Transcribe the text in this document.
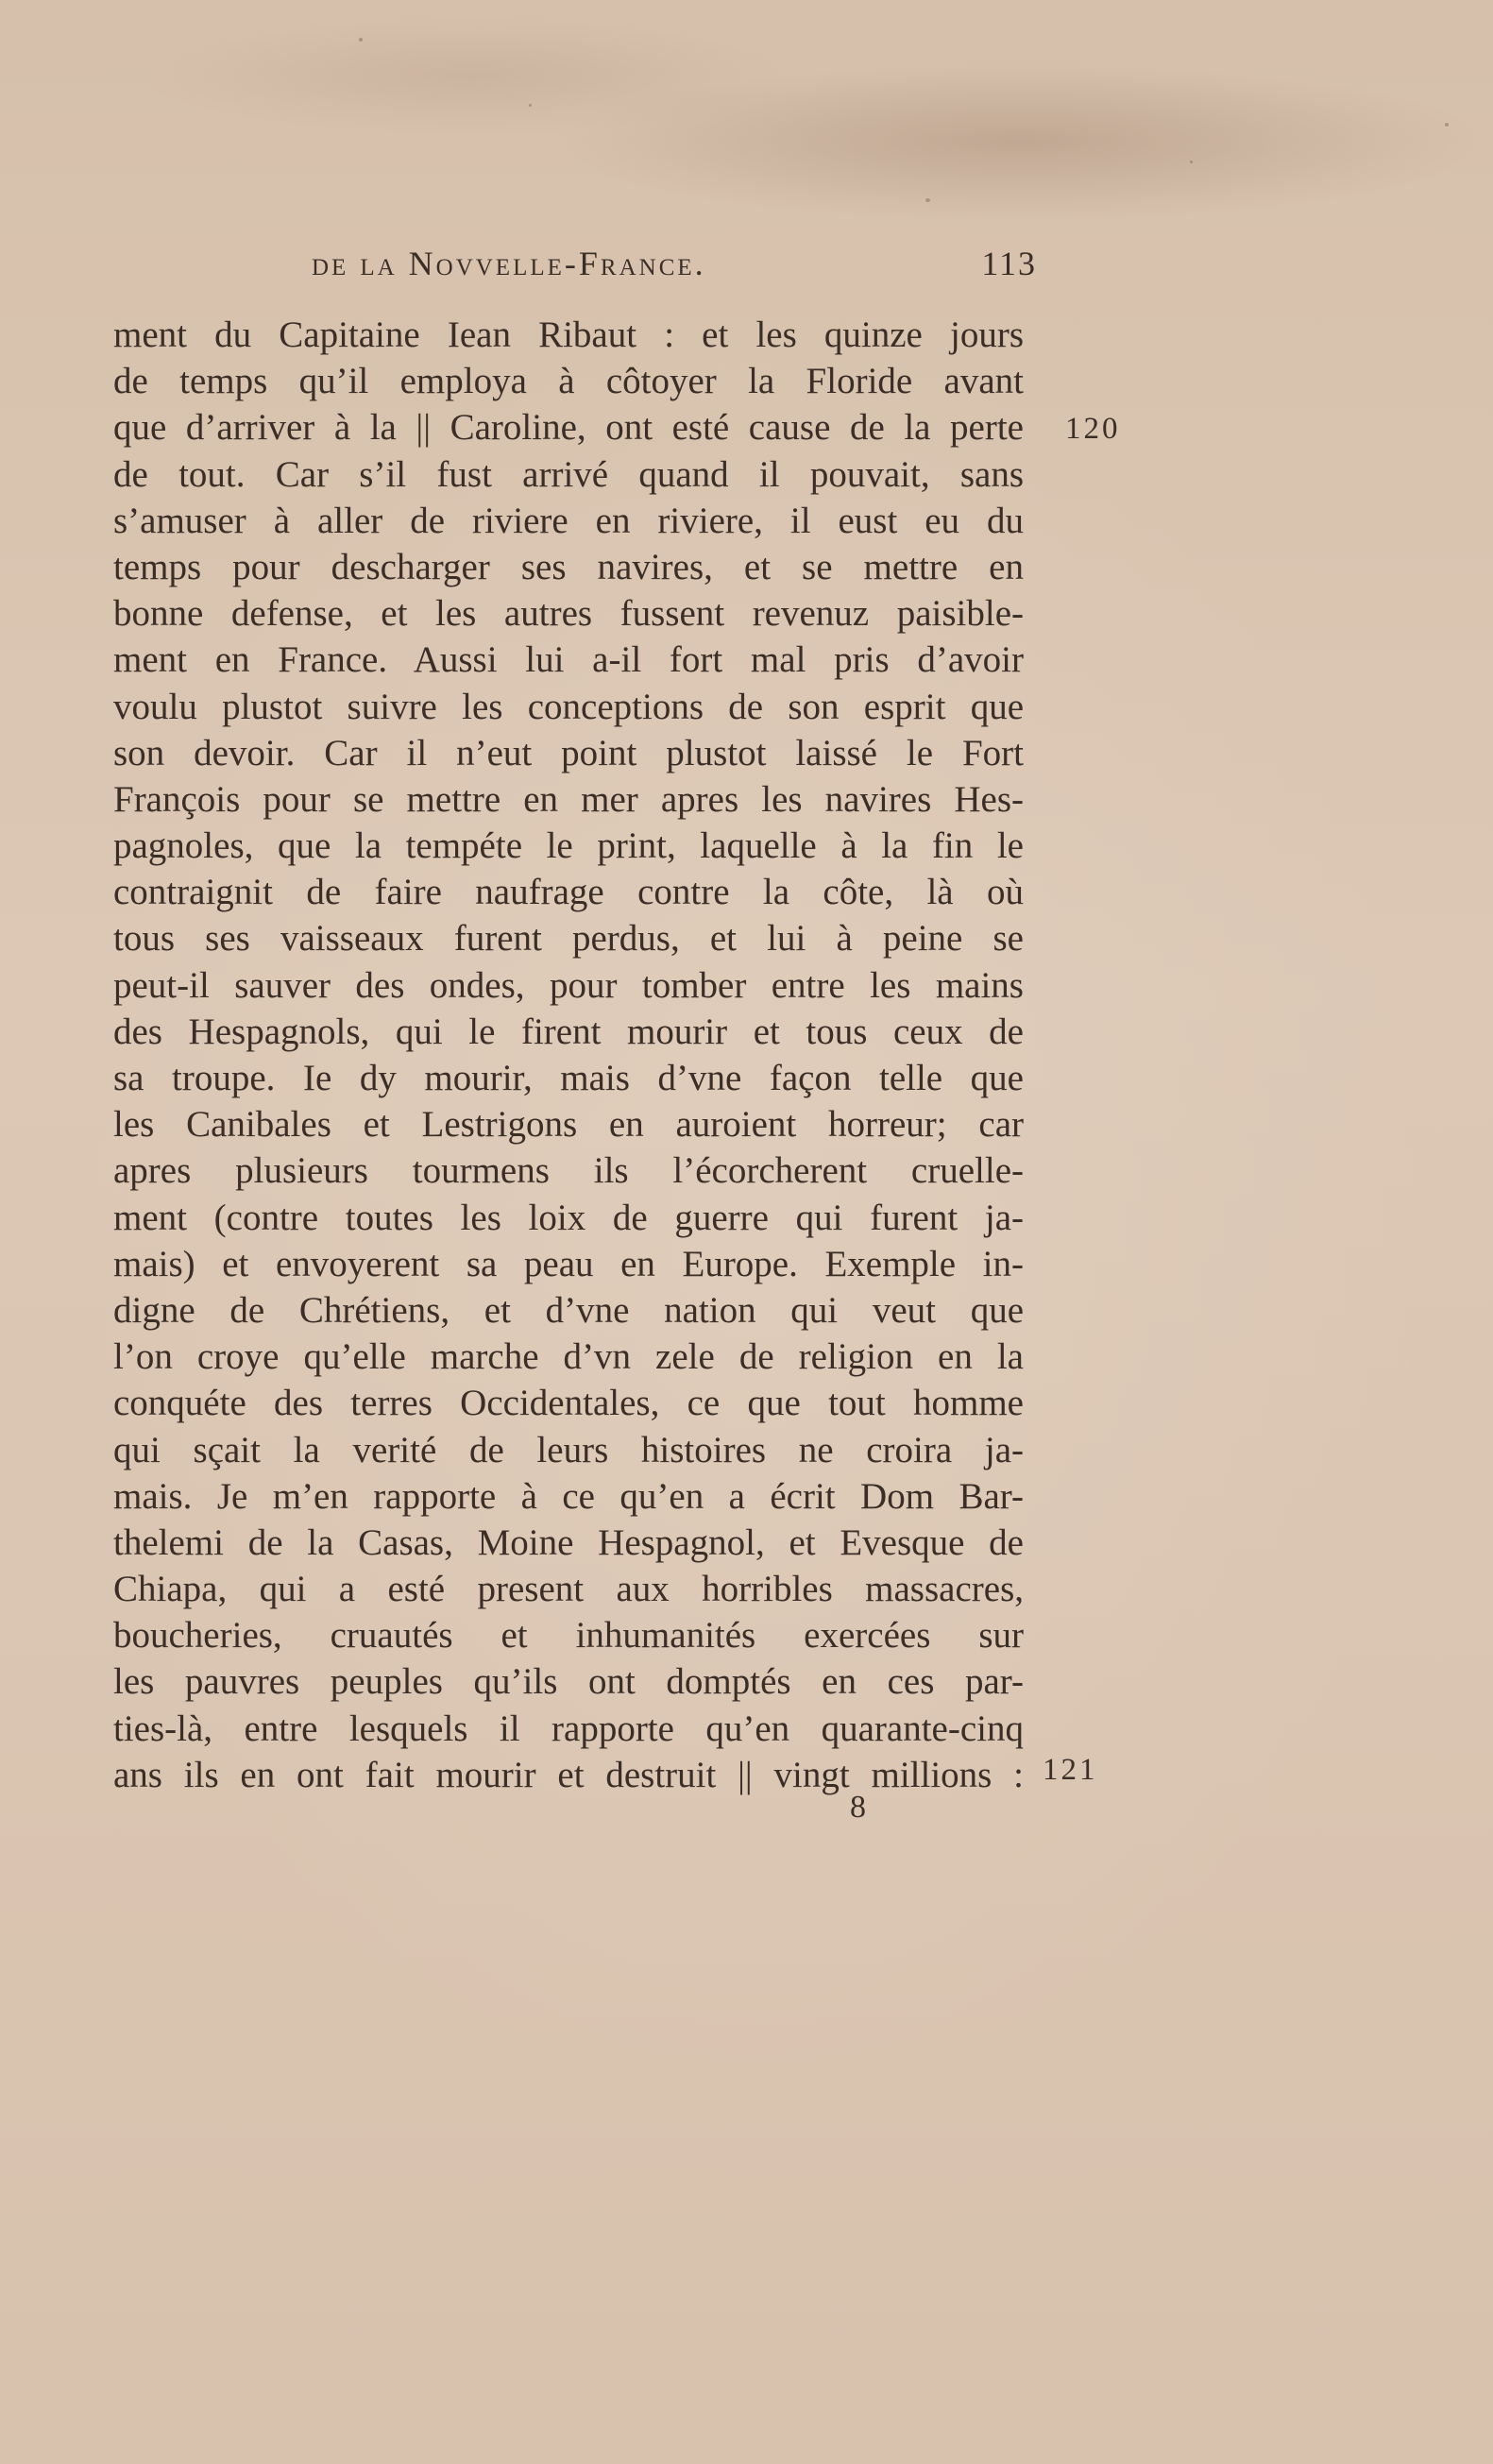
de la Novvelle-France.	113
ment du Capitaine Iean Ribaut : et les quinze jours
de temps qu’il employa à côtoyer la Floride avant
que d’arriver à la || Caroline, ont esté cause de la perte
de tout. Car s’il fust arrivé quand il pouvait, sans
s’amuser à aller de riviere en riviere, il eust eu du
temps pour descharger ses navires, et se mettre en
bonne defense, et les autres fussent revenuz paisible-
ment en France. Aussi lui a-il fort mal pris d’avoir
voulu plustot suivre les conceptions de son esprit que
son devoir. Car il n’eut point plustot laissé le Fort
François pour se mettre en mer apres les navires Hes-
pagnoles, que la tempéte le print, laquelle à la fin le
contraignit de faire naufrage contre la côte, là où
tous ses vaisseaux furent perdus, et lui à peine se
peut-il sauver des ondes, pour tomber entre les mains
des Hespagnols, qui le firent mourir et tous ceux de
sa troupe. Ie dy mourir, mais d’vne façon telle que
les Canibales et Lestrigons en auroient horreur; car
apres plusieurs tourmens ils l’écorcherent cruelle-
ment (contre toutes les loix de guerre qui furent ja-
mais) et envoyerent sa peau en Europe. Exemple in-
digne de Chrétiens, et d’vne nation qui veut que
l’on croye qu’elle marche d’vn zele de religion en la
conquéte des terres Occidentales, ce que tout homme
qui sçait la verité de leurs histoires ne croira ja-
mais. Je m’en rapporte à ce qu’en a écrit Dom Bar-
thelemi de la Casas, Moine Hespagnol, et Evesque de
Chiapa, qui a esté present aux horribles massacres,
boucheries, cruautés et inhumanités exercées sur
les pauvres peuples qu’ils ont domptés en ces par-
ties-là, entre lesquels il rapporte qu’en quarante-cinq
ans ils en ont fait mourir et destruit || vingt millions :
120
121
8
